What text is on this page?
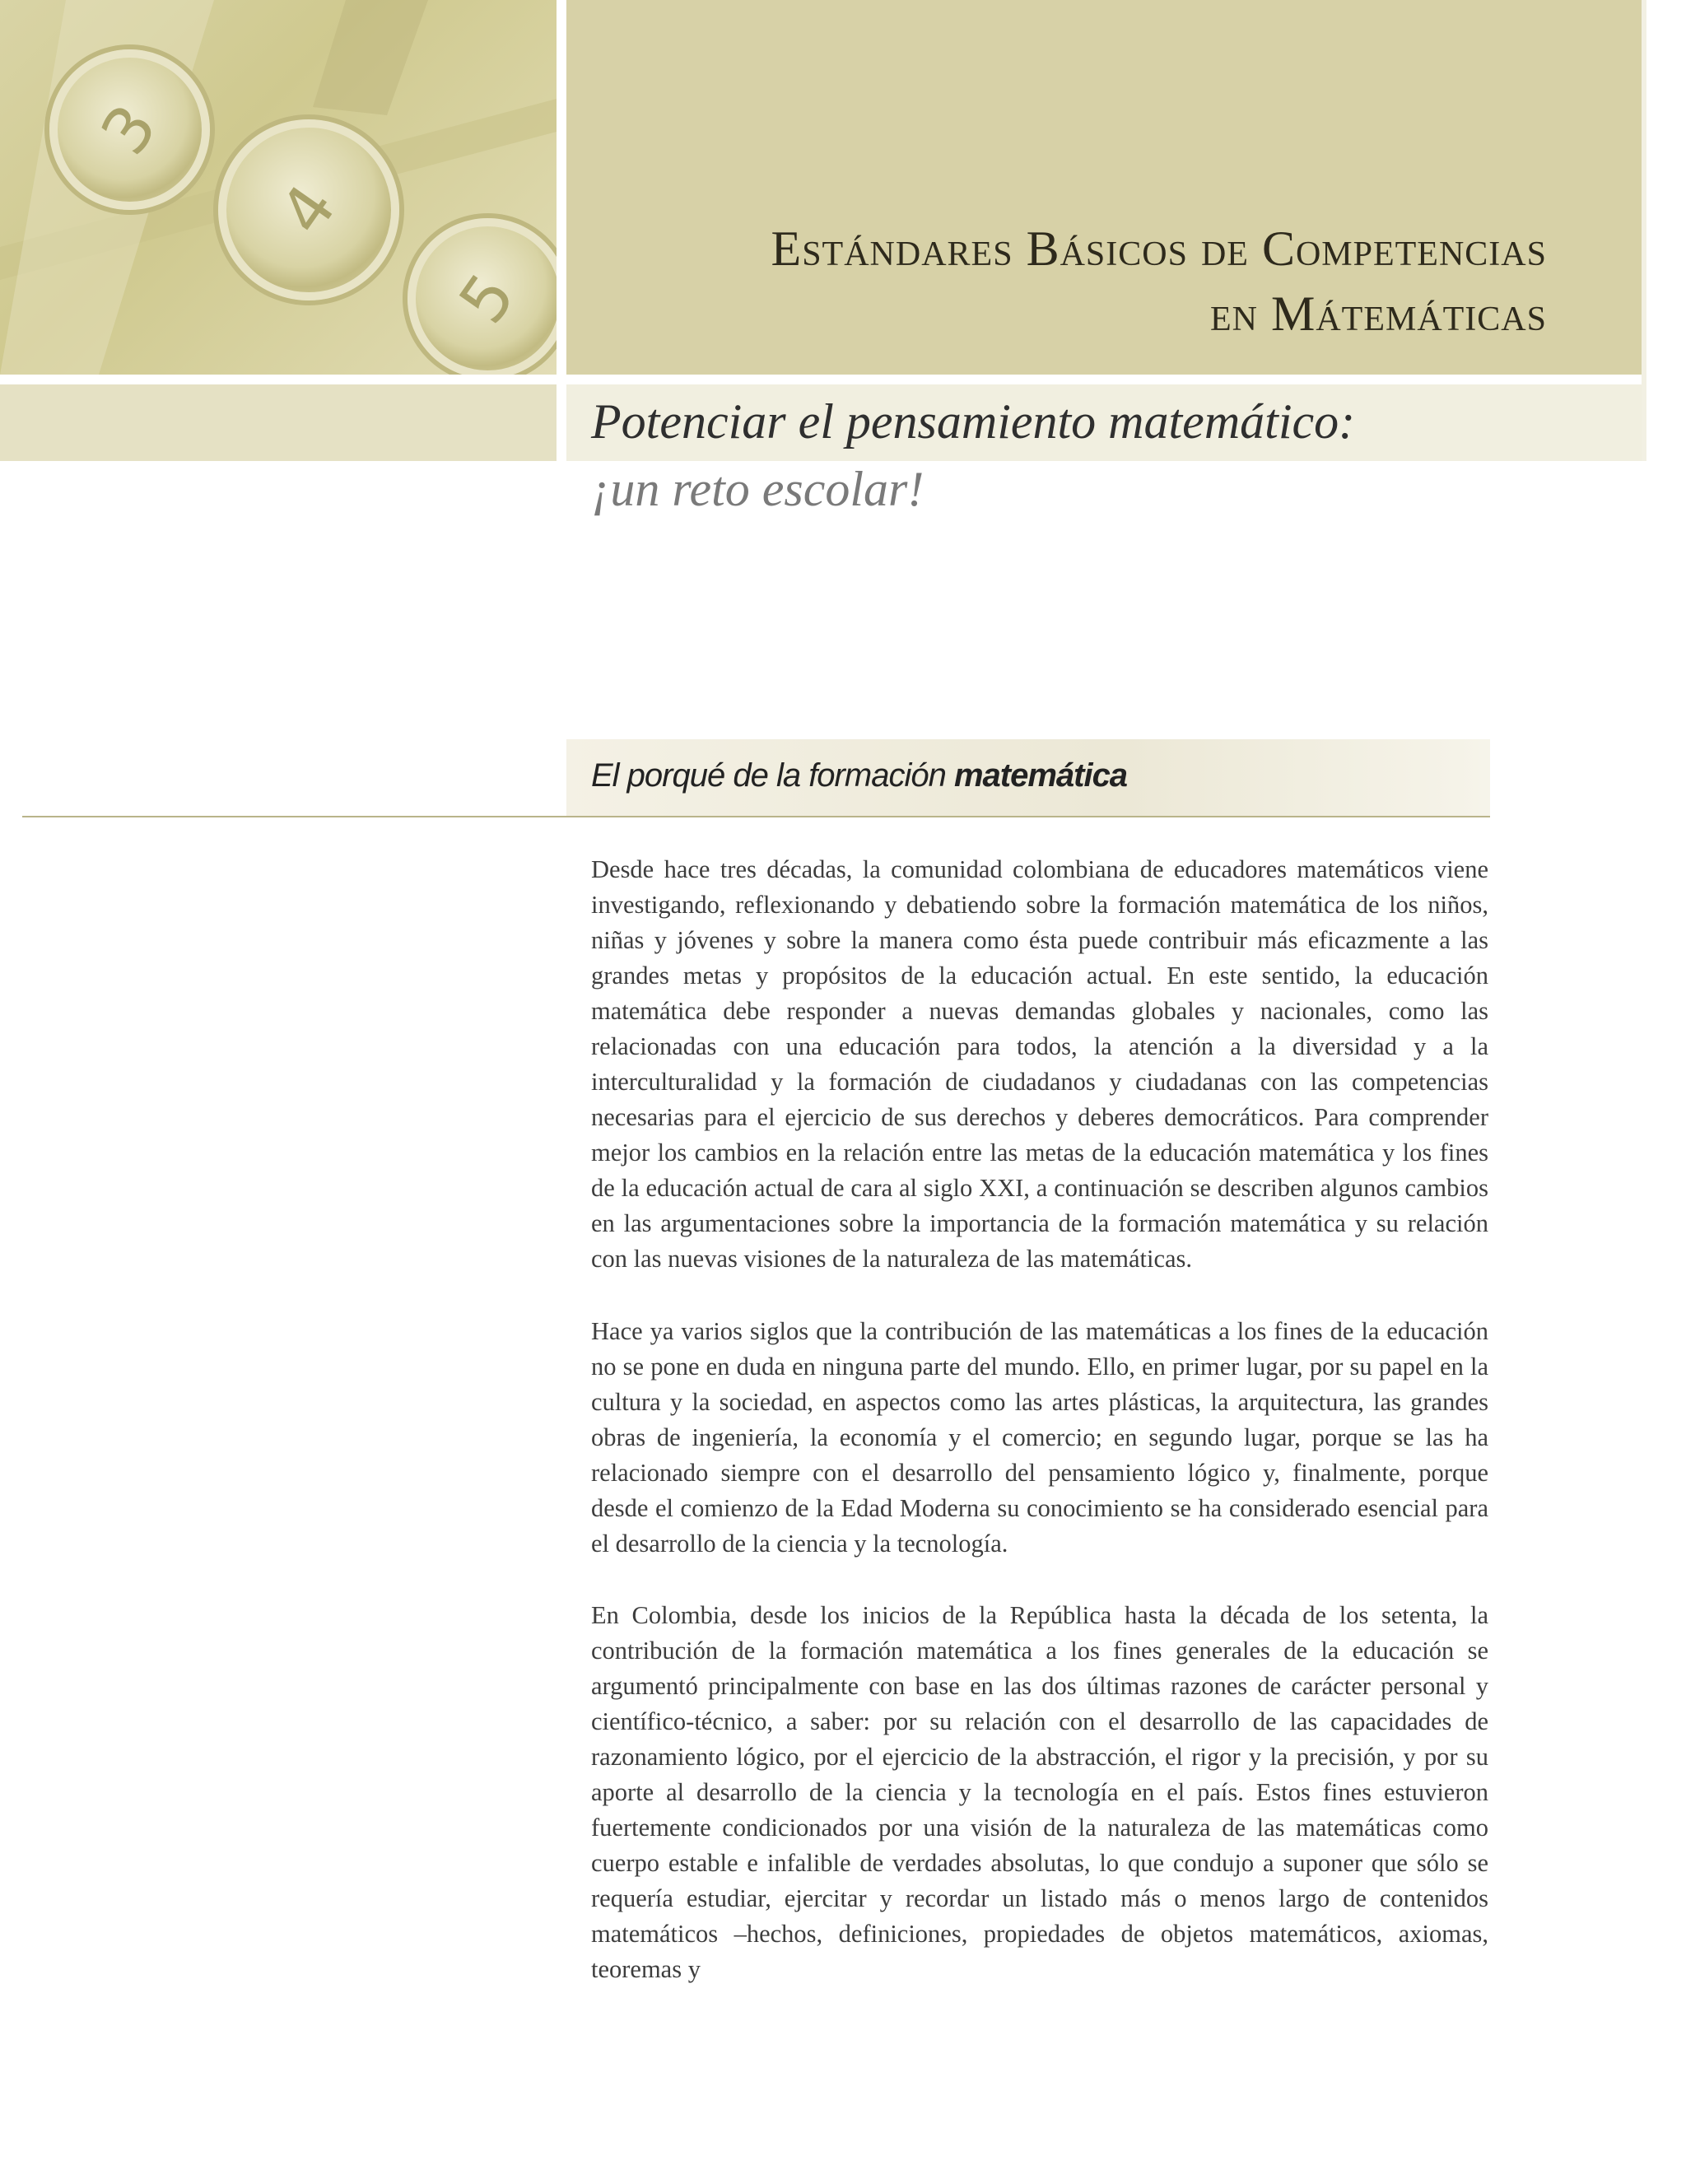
3
4
5
Estándares Básicos de Competencias
en Mátemáticas
Potenciar el pensamiento matemático:
¡un reto escolar!
El porqué de la formación matemática

Desde hace tres décadas, la comunidad colombiana de educadores matemáticos viene investigando, reflexionando y debatiendo sobre la formación matemática de los niños, niñas y jóvenes y sobre la manera como ésta puede contribuir más eficazmente a las grandes metas y propósitos de la educación actual. En este sentido, la educación matemática debe responder a nuevas demandas globales y nacionales, como las relacionadas con una educación para todos, la atención a la diversidad y a la interculturalidad y la formación de ciudadanos y ciudadanas con las competencias necesarias para el ejercicio de sus derechos y deberes democráticos. Para comprender mejor los cambios en la relación entre las metas de la educación matemática y los fines de la educación actual de cara al siglo XXI, a continuación se describen algunos cambios en las argumentaciones sobre la importancia de la formación matemática y su relación con las nuevas visiones de la naturaleza de las matemáticas.

Hace ya varios siglos que la contribución de las matemáticas a los fines de la educación no se pone en duda en ninguna parte del mundo. Ello, en primer lugar, por su papel en la cultura y la sociedad, en aspectos como las artes plásticas, la arquitectura, las grandes obras de ingeniería, la economía y el comercio; en segundo lugar, porque se las ha relacionado siempre con el desarrollo del pensamiento lógico y, finalmente, porque desde el comienzo de la Edad Moderna su conocimiento se ha considerado esencial para el desarrollo de la ciencia y la tecnología.

En Colombia, desde los inicios de la República hasta la década de los setenta, la contribución de la formación matemática a los fines generales de la educación se argumentó principalmente con base en las dos últimas razones de carácter personal y científico-técnico, a saber: por su relación con el desarrollo de las capacidades de razonamiento lógico, por el ejercicio de la abstracción, el rigor y la precisión, y por su aporte al desarrollo de la ciencia y la tecnología en el país. Estos fines estuvieron fuertemente condicionados por una visión de la naturaleza de las matemáticas como cuerpo estable e infalible de verdades absolutas, lo que condujo a suponer que sólo se requería estudiar, ejercitar y recordar un listado más o menos largo de contenidos matemáticos –hechos, definiciones, propiedades de objetos matemáticos, axiomas, teoremas y
